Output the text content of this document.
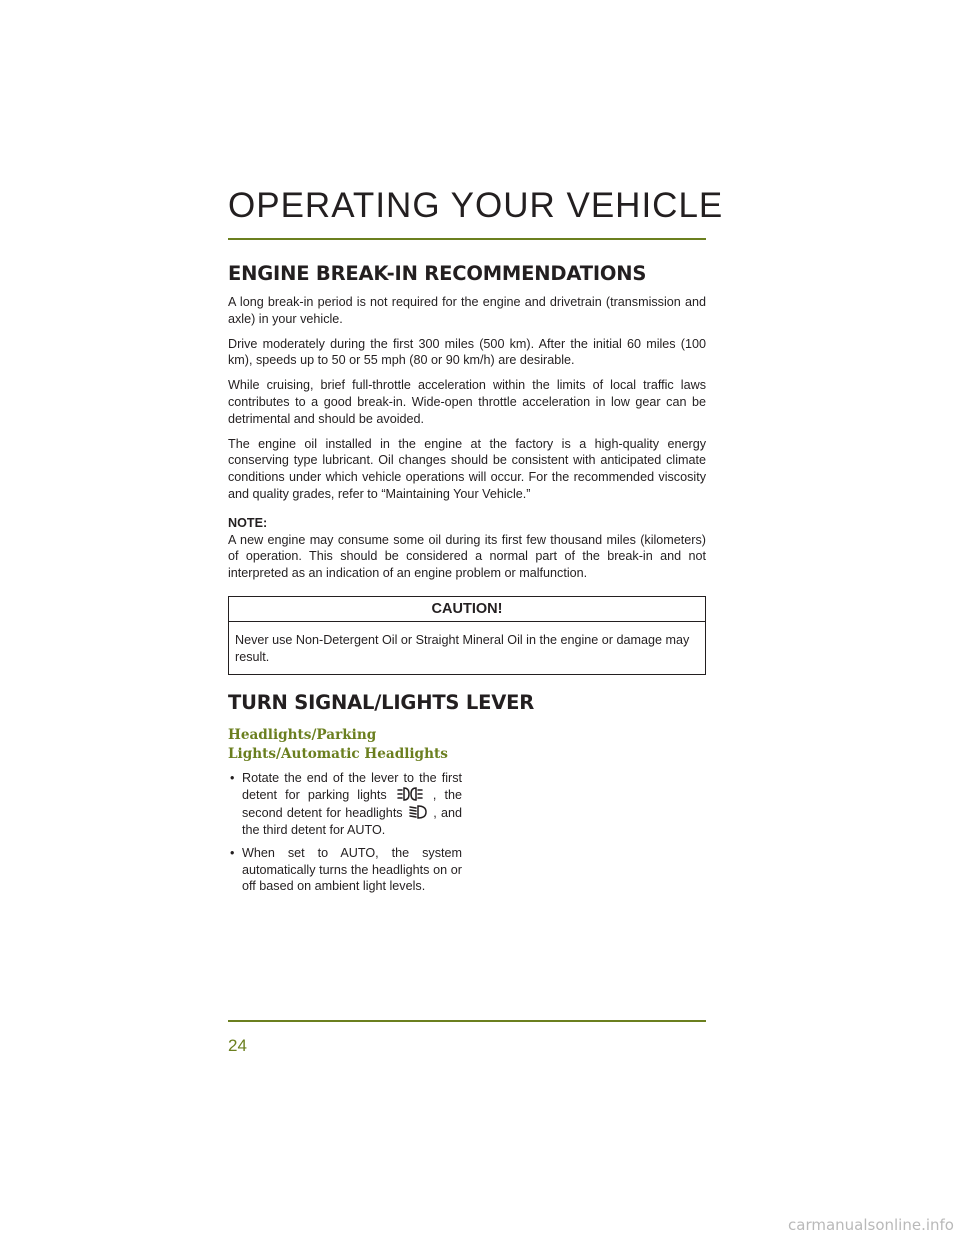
OPERATING YOUR VEHICLE
ENGINE BREAK-IN RECOMMENDATIONS

A long break-in period is not required for the engine and drivetrain (transmission and axle) in your vehicle.

Drive moderately during the first 300 miles (500 km). After the initial 60 miles (100 km), speeds up to 50 or 55 mph (80 or 90 km/h) are desirable.

While cruising, brief full-throttle acceleration within the limits of local traffic laws contributes to a good break-in. Wide-open throttle acceleration in low gear can be detrimental and should be avoided.

The engine oil installed in the engine at the factory is a high-quality energy conserving type lubricant. Oil changes should be consistent with anticipated climate conditions under which vehicle operations will occur. For the recommended viscosity and quality grades, refer to “Maintaining Your Vehicle.”

NOTE:

A new engine may consume some oil during its first few thousand miles (kilometers) of operation. This should be considered a normal part of the break-in and not interpreted as an indication of an engine problem or malfunction.

CAUTION!
Never use Non-Detergent Oil or Straight Mineral Oil in the engine or damage may result.
TURN SIGNAL/LIGHTS LEVER
Headlights/Parking Lights/Automatic Headlights
• Rotate the end of the lever to the first detent for parking lights	, the second detent for headlights , and the third detent for AUTO.
• When set to AUTO, the system automatically turns the headlights on or off based on ambient light levels.
24
carmanualsonline.info
